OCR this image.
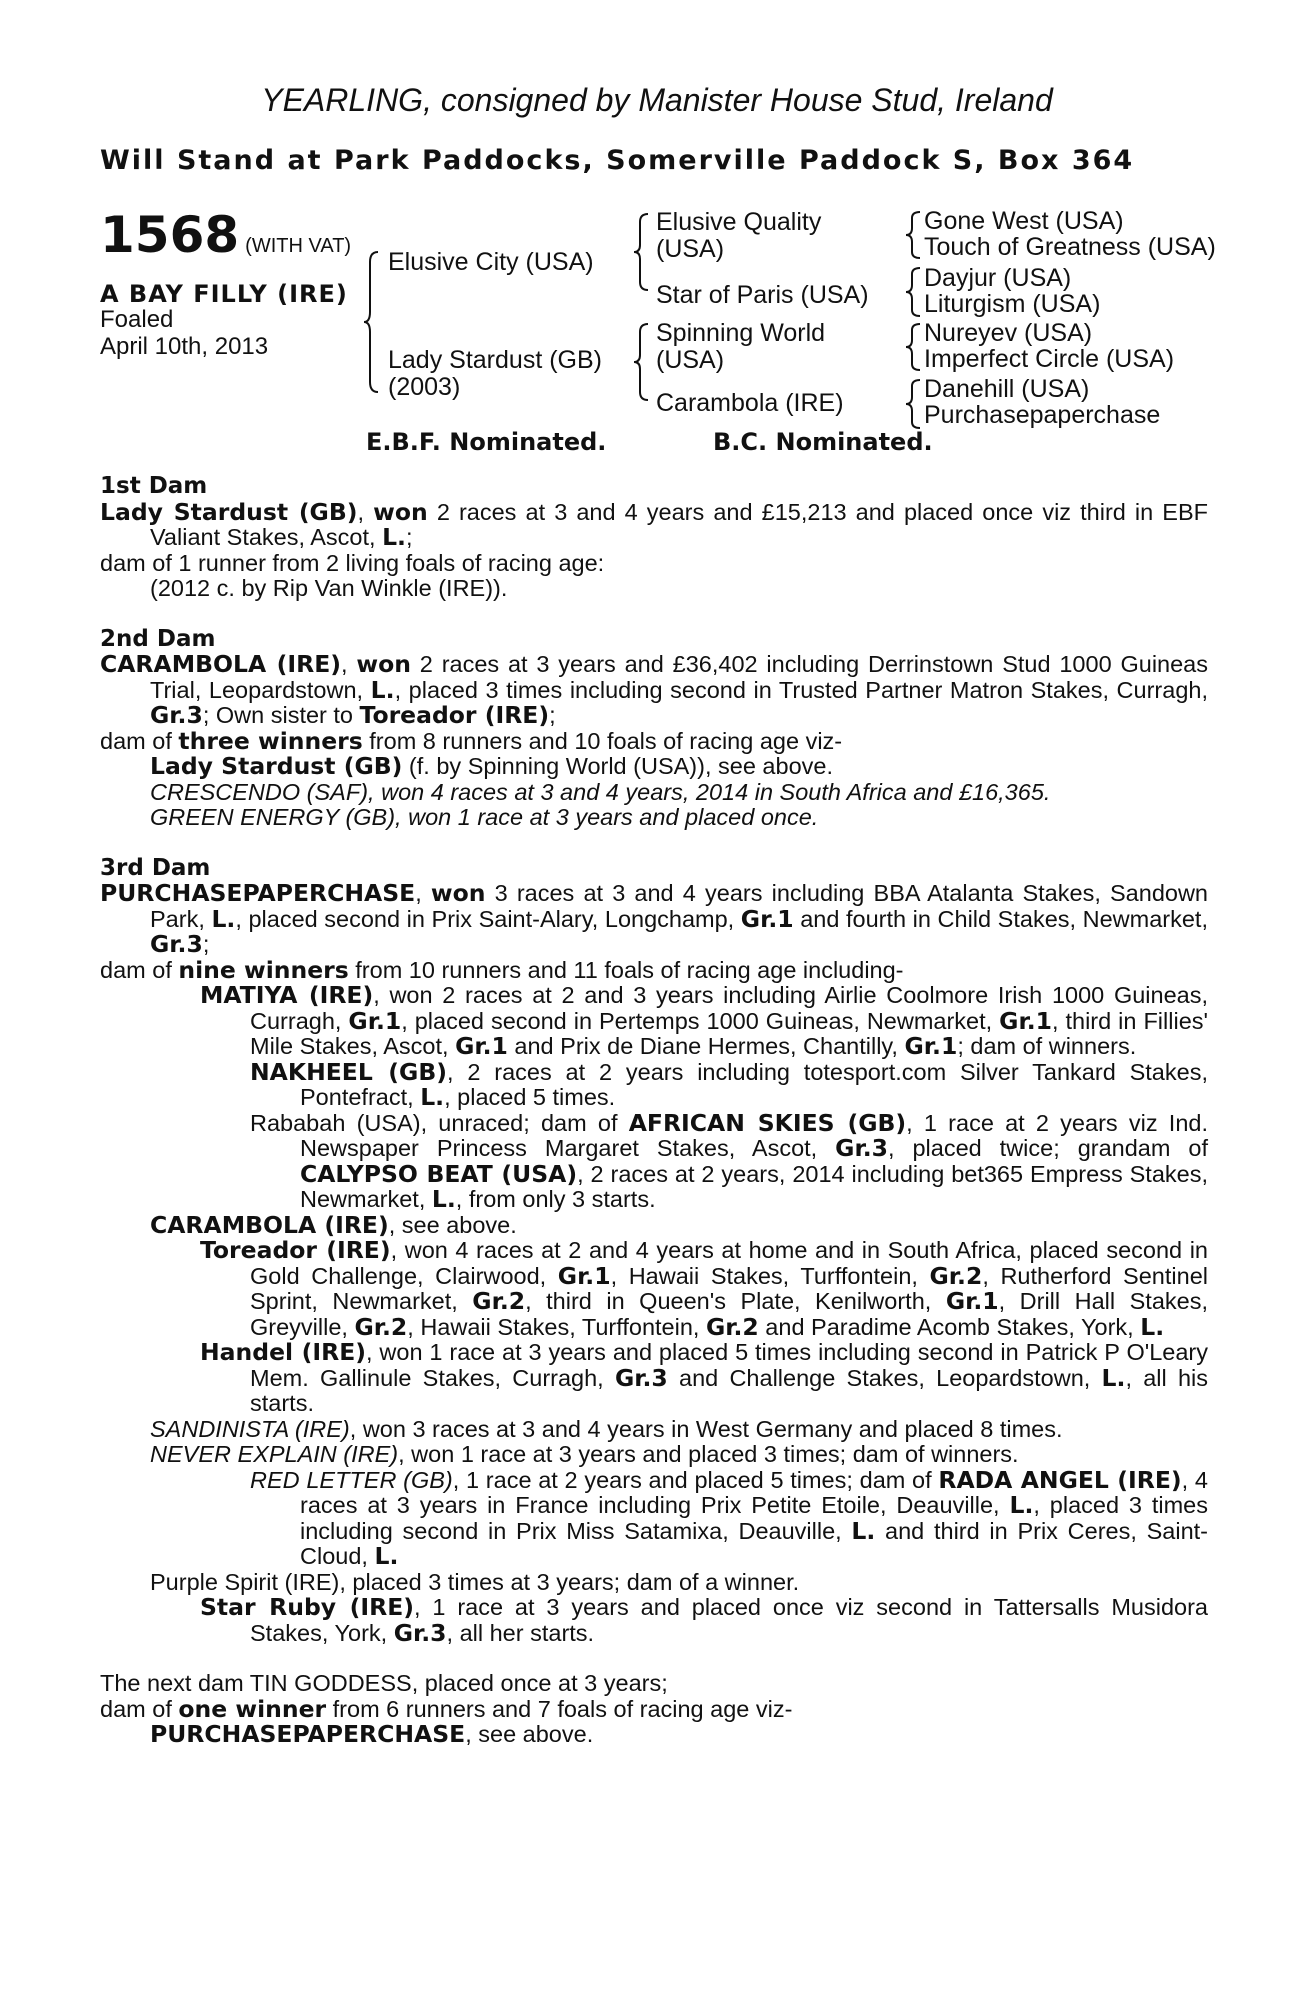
YEARLING, consigned by Manister House Stud, Ireland
Will Stand at Park Paddocks, Somerville Paddock S, Box 364
1568 (WITH VAT)
A BAY FILLY (IRE)
Foaled
April 10th, 2013
Elusive City (USA)
Lady Stardust (GB)
(2003)
Elusive Quality
(USA)
Star of Paris (USA)
Spinning World
(USA)
Carambola (IRE)
Gone West (USA)
Touch of Greatness (USA)
Dayjur (USA)
Liturgism (USA)
Nureyev (USA)
Imperfect Circle (USA)
Danehill (USA)
Purchasepaperchase
E.B.F. Nominated.	B.C. Nominated.

1st Dam

Lady Stardust (GB), won 2 races at 3 and 4 years and £15,213 and placed once viz third in EBF Valiant Stakes, Ascot, L.;

dam of 1 runner from 2 living foals of racing age:

(2012 c. by Rip Van Winkle (IRE)).

2nd Dam

CARAMBOLA (IRE), won 2 races at 3 years and £36,402 including Derrinstown Stud 1000 Guineas Trial, Leopardstown, L., placed 3 times including second in Trusted Partner Matron Stakes, Curragh, Gr.3; Own sister to Toreador (IRE);

dam of three winners from 8 runners and 10 foals of racing age viz-

Lady Stardust (GB) (f. by Spinning World (USA)), see above.

CRESCENDO (SAF), won 4 races at 3 and 4 years, 2014 in South Africa and £16,365.

GREEN ENERGY (GB), won 1 race at 3 years and placed once.

3rd Dam

PURCHASEPAPERCHASE, won 3 races at 3 and 4 years including BBA Atalanta Stakes, Sandown Park, L., placed second in Prix Saint-Alary, Longchamp, Gr.1 and fourth in Child Stakes, Newmarket, Gr.3;

dam of nine winners from 10 runners and 11 foals of racing age including-

MATIYA (IRE), won 2 races at 2 and 3 years including Airlie Coolmore Irish 1000 Guineas, Curragh, Gr.1, placed second in Pertemps 1000 Guineas, Newmarket, Gr.1, third in Fillies' Mile Stakes, Ascot, Gr.1 and Prix de Diane Hermes, Chantilly, Gr.1; dam of winners.

NAKHEEL (GB), 2 races at 2 years including totesport.com Silver Tankard Stakes, Pontefract, L., placed 5 times.

Rababah (USA), unraced; dam of AFRICAN SKIES (GB), 1 race at 2 years viz Ind. Newspaper Princess Margaret Stakes, Ascot, Gr.3, placed twice; grandam of CALYPSO BEAT (USA), 2 races at 2 years, 2014 including bet365 Empress Stakes, Newmarket, L., from only 3 starts.

CARAMBOLA (IRE), see above.

Toreador (IRE), won 4 races at 2 and 4 years at home and in South Africa, placed second in Gold Challenge, Clairwood, Gr.1, Hawaii Stakes, Turffontein, Gr.2, Rutherford Sentinel Sprint, Newmarket, Gr.2, third in Queen's Plate, Kenilworth, Gr.1, Drill Hall Stakes, Greyville, Gr.2, Hawaii Stakes, Turffontein, Gr.2 and Paradime Acomb Stakes, York, L.

Handel (IRE), won 1 race at 3 years and placed 5 times including second in Patrick P O'Leary Mem. Gallinule Stakes, Curragh, Gr.3 and Challenge Stakes, Leopardstown, L., all his starts.

SANDINISTA (IRE), won 3 races at 3 and 4 years in West Germany and placed 8 times.

NEVER EXPLAIN (IRE), won 1 race at 3 years and placed 3 times; dam of winners.

RED LETTER (GB), 1 race at 2 years and placed 5 times; dam of RADA ANGEL (IRE), 4 races at 3 years in France including Prix Petite Etoile, Deauville, L., placed 3 times including second in Prix Miss Satamixa, Deauville, L. and third in Prix Ceres, Saint-Cloud, L.

Purple Spirit (IRE), placed 3 times at 3 years; dam of a winner.

Star Ruby (IRE), 1 race at 3 years and placed once viz second in Tattersalls Musidora Stakes, York, Gr.3, all her starts.

The next dam TIN GODDESS, placed once at 3 years;

dam of one winner from 6 runners and 7 foals of racing age viz-

PURCHASEPAPERCHASE, see above.
